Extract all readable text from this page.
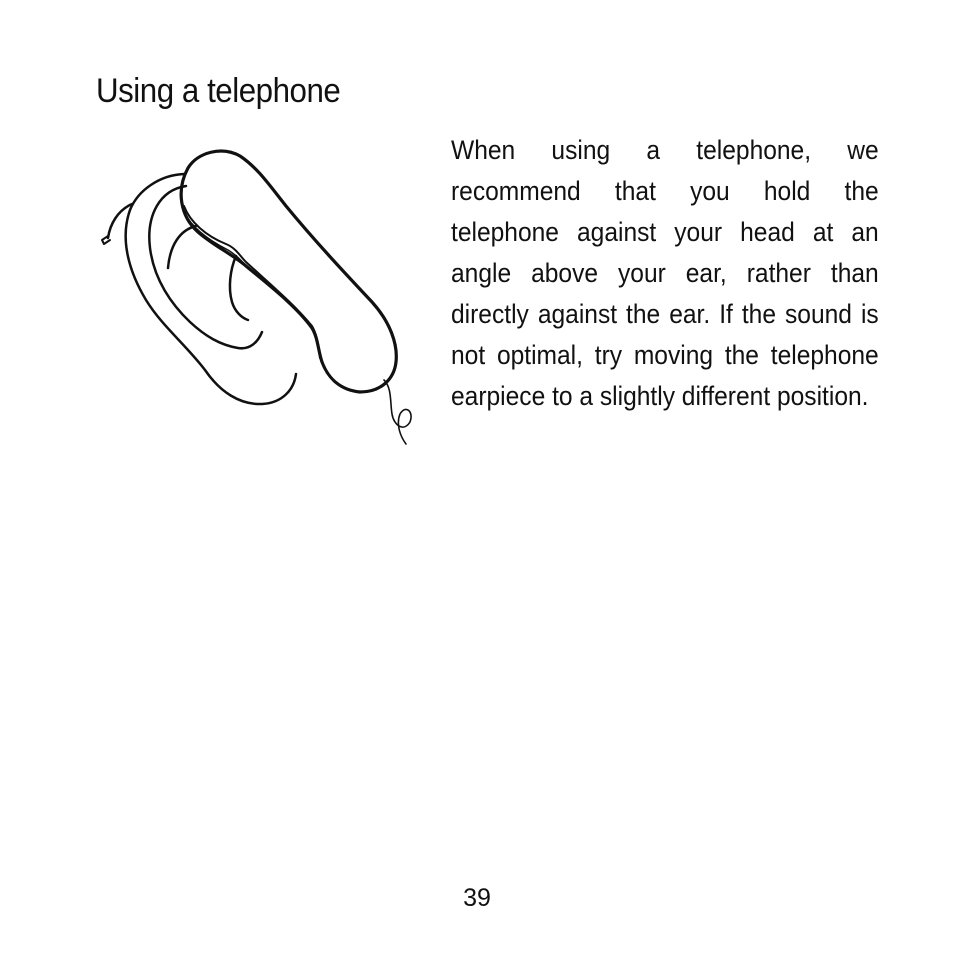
Using a telephone

When using a telephone, we recommend that you hold the telephone against your head at an angle above your ear, rather than directly against the ear. If the sound is not optimal, try moving the telephone earpiece to a slightly different position.

39
